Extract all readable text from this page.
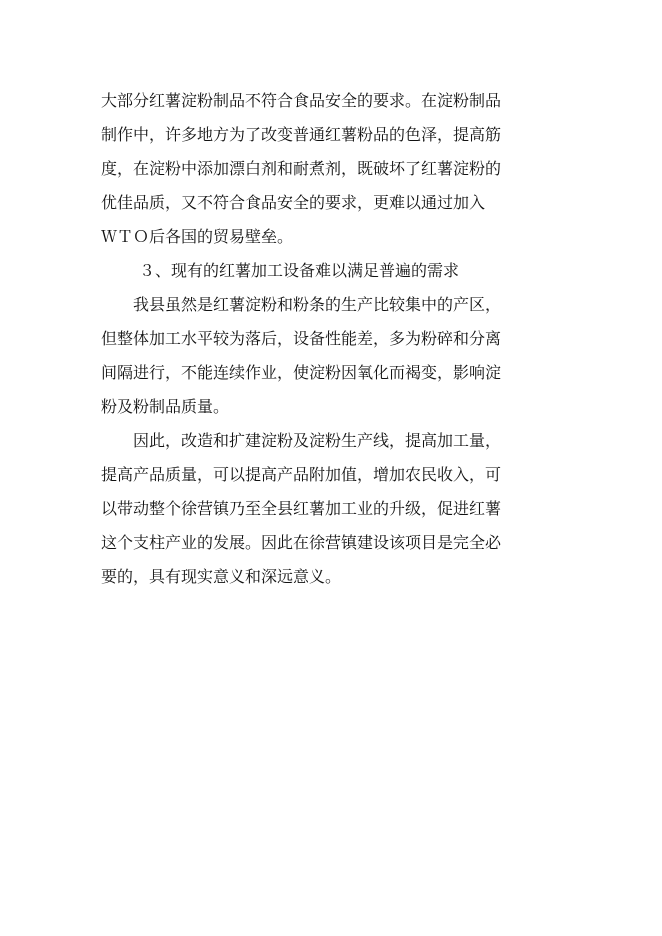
大部分红薯淀粉制品不符合食品安全的要求。在淀粉制品
制作中，许多地方为了改变普通红薯粉品的色泽，提高筋
度，在淀粉中添加漂白剂和耐煮剂，既破坏了红薯淀粉的
优佳品质，又不符合食品安全的要求，更难以通过加入
ＷＴＯ后各国的贸易壁垒。
３、现有的红薯加工设备难以满足普遍的需求
我县虽然是红薯淀粉和粉条的生产比较集中的产区，
但整体加工水平较为落后，设备性能差，多为粉碎和分离
间隔进行，不能连续作业，使淀粉因氧化而褐变，影响淀
粉及粉制品质量。
因此，改造和扩建淀粉及淀粉生产线，提高加工量，
提高产品质量，可以提高产品附加值，增加农民收入，可
以带动整个徐营镇乃至全县红薯加工业的升级，促进红薯
这个支柱产业的发展。因此在徐营镇建设该项目是完全必
要的，具有现实意义和深远意义。
